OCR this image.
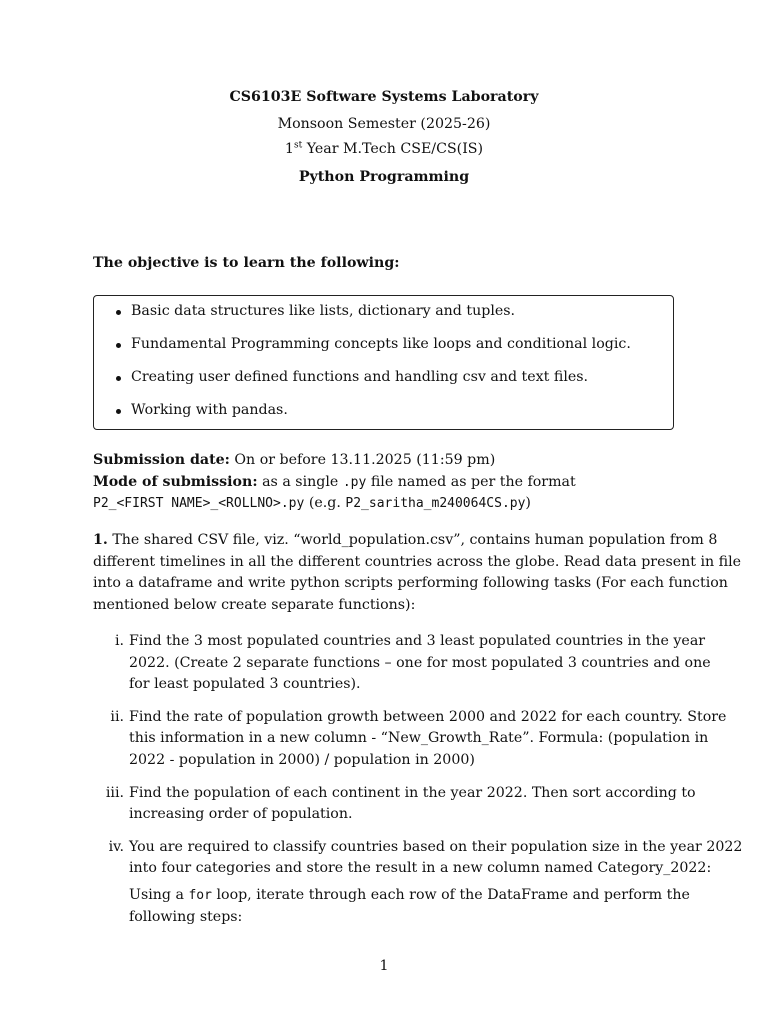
CS6103E Software Systems Laboratory
Monsoon Semester (2025-26)
1st Year M.Tech CSE/CS(IS)
Python Programming
The objective is to learn the following:
Basic data structures like lists, dictionary and tuples.
Fundamental Programming concepts like loops and conditional logic.
Creating user defined functions and handling csv and text files.
Working with pandas.
Submission date: On or before 13.11.2025 (11:59 pm)
Mode of submission: as a single .py file named as per the format
P2_<FIRST NAME>_<ROLLNO>.py (e.g. P2_saritha_m240064CS.py)
1. The shared CSV file, viz. “world_population.csv”, contains human population from 8
different timelines in all the different countries across the globe. Read data present in file
into a dataframe and write python scripts performing following tasks (For each function
mentioned below create separate functions):
i. Find the 3 most populated countries and 3 least populated countries in the year
2022. (Create 2 separate functions – one for most populated 3 countries and one
for least populated 3 countries).
ii. Find the rate of population growth between 2000 and 2022 for each country. Store
this information in a new column - “New_Growth_Rate”. Formula: (population in
2022 - population in 2000) / population in 2000)
iii. Find the population of each continent in the year 2022. Then sort according to
increasing order of population.
iv. You are required to classify countries based on their population size in the year 2022
into four categories and store the result in a new column named Category_2022:
Using a for loop, iterate through each row of the DataFrame and perform the
following steps:
1
